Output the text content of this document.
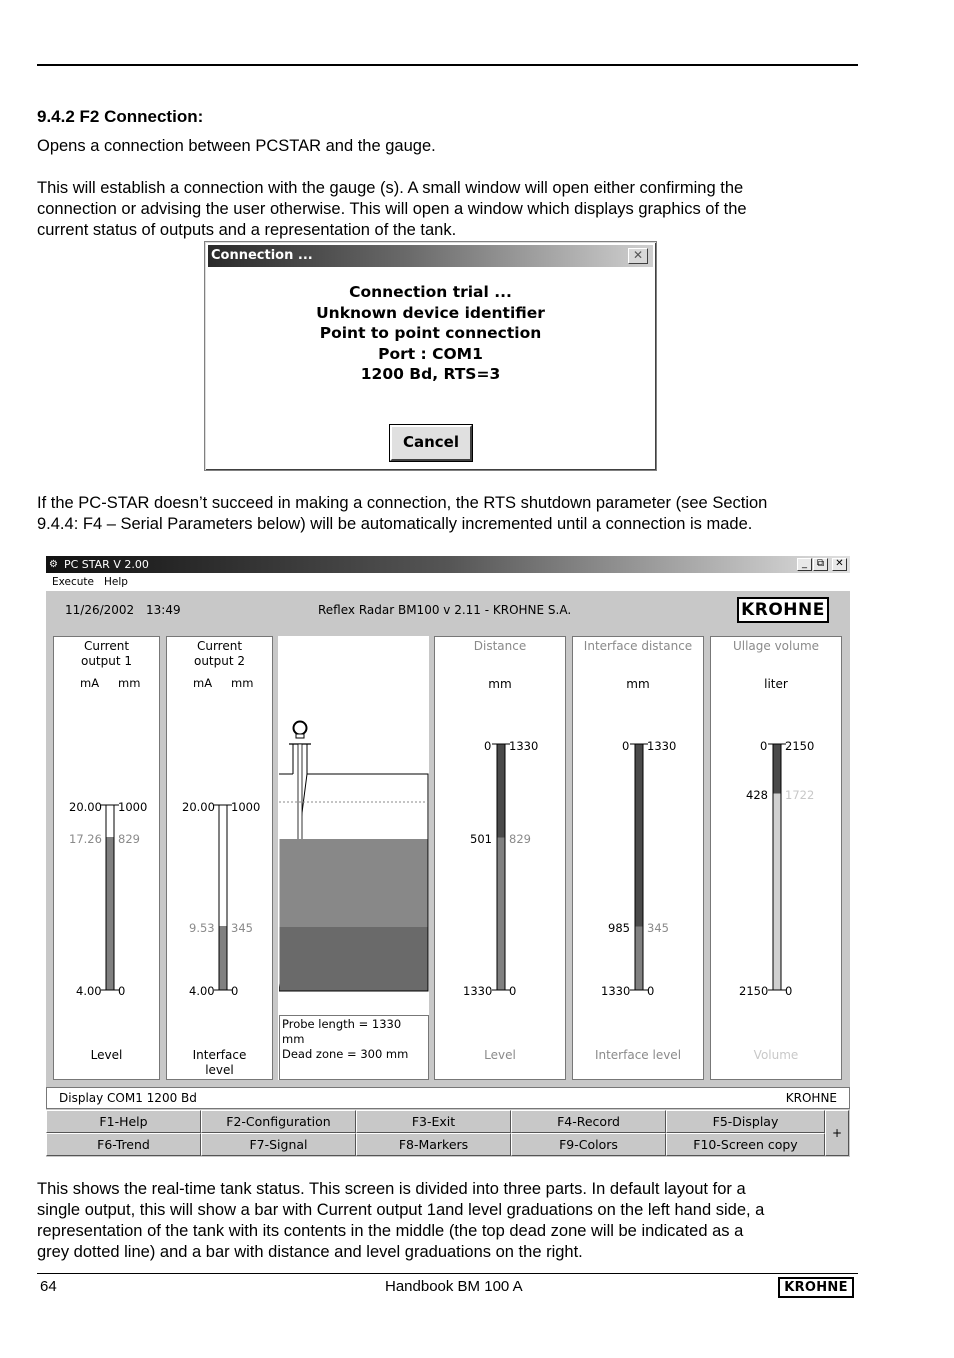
9.4.2 F2 Connection:
Opens a connection between PCSTAR and the gauge.
This will establish a connection with the gauge (s). A small window will open either confirming the
connection or advising the user otherwise. This will open a window which displays graphics of the
current status of outputs and a representation of the tank.
Connection ...	✕
Connection trial ...
Unknown device identifier
Point to point connection
Port : COM1
1200 Bd, RTS=3
Cancel
If the PC-STAR doesn’t succeed in making a connection, the RTS shutdown parameter (see Section
9.4.4: F4 – Serial Parameters below) will be automatically incremented until a connection is made.
⚙ PC STAR V 2.00	_ ⧉	✕
Execute Help
11/26/2002 13:49	Reflex Radar BM100 v 2.11 - KROHNE S.A.	KROHNE
Current
output 1
mA mm
20.00 1000
17.26 829
4.00 0
Level
Current
output 2
mA mm
20.00 1000
9.53 345
4.00 0
Interface
level
Probe length = 1330 mm
Dead zone = 300 mm
Distance
mm
0 1330
501 829
1330 0
Level
Interface distance
mm
0 1330
985 345
1330 0
Interface level
Ullage volume
liter
0 2150
428 1722
2150 0
Volume
Display COM1 1200 Bd	KROHNE
F1-Help	F2-Configuration	F3-Exit	F4-Record	F5-Display
F6-Trend	F7-Signal	F8-Markers	F9-Colors	F10-Screen copy
+
This shows the real-time tank status. This screen is divided into three parts. In default layout for a
single output, this will show a bar with Current output 1and level graduations on the left hand side, a
representation of the tank with its contents in the middle (the top dead zone will be indicated as a
grey dotted line) and a bar with distance and level graduations on the right.
64	Handbook BM 100 A	KROHNE
